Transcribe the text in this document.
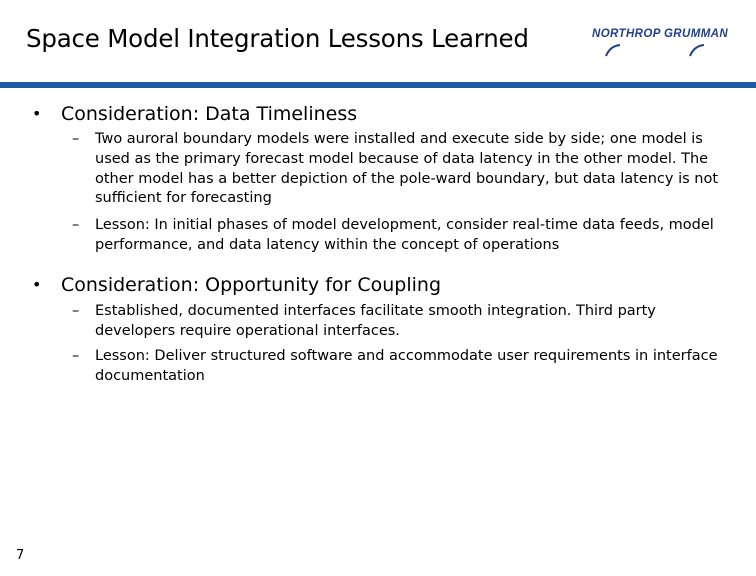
Space Model Integration Lessons Learned	NORTHROP GRUMMAN
• Consideration: Data Timeliness
– Two auroral boundary models were installed and execute side by side; one model is used as the primary forecast model because of data latency in the other model. The other model has a better depiction of the pole-ward boundary, but data latency is not sufficient for forecasting
– Lesson: In initial phases of model development, consider real-time data feeds, model performance, and data latency within the concept of operations
• Consideration: Opportunity for Coupling
– Established, documented interfaces facilitate smooth integration. Third party developers require operational interfaces.
– Lesson: Deliver structured software and accommodate user requirements in interface documentation
7
